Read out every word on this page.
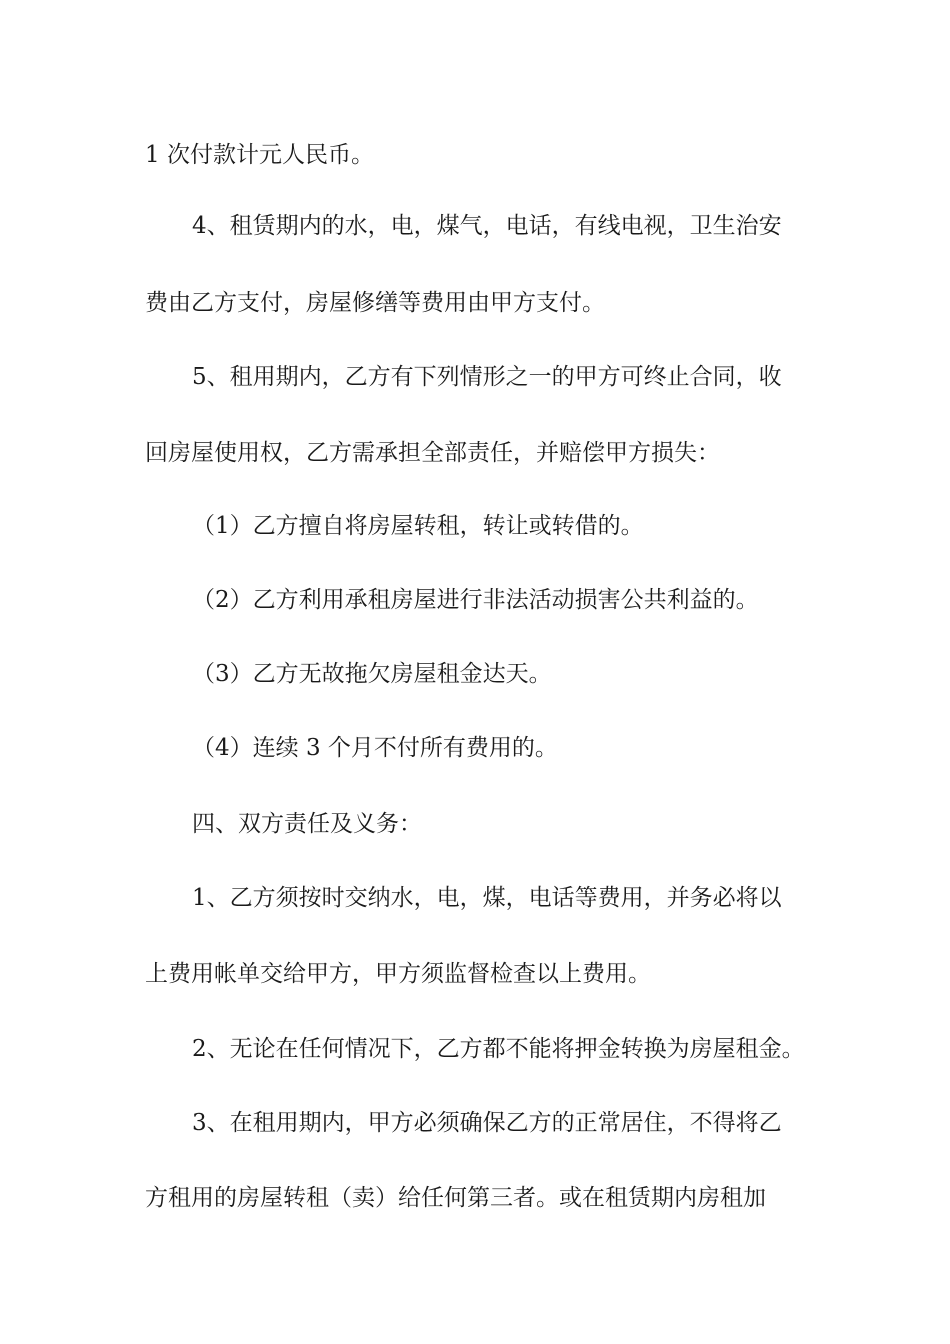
1 次付款计元人民币。

4、租赁期内的水，电，煤气，电话，有线电视，卫生治安

费由乙方支付，房屋修缮等费用由甲方支付。

5、租用期内，乙方有下列情形之一的甲方可终止合同，收

回房屋使用权，乙方需承担全部责任，并赔偿甲方损失：

（1）乙方擅自将房屋转租，转让或转借的。

（2）乙方利用承租房屋进行非法活动损害公共利益的。

（3）乙方无故拖欠房屋租金达天。

（4）连续 3 个月不付所有费用的。

四、双方责任及义务：

1、乙方须按时交纳水，电，煤，电话等费用，并务必将以

上费用帐单交给甲方，甲方须监督检查以上费用。

2、无论在任何情况下，乙方都不能将押金转换为房屋租金。

3、在租用期内，甲方必须确保乙方的正常居住，不得将乙

方租用的房屋转租（卖）给任何第三者。或在租赁期内房租加
